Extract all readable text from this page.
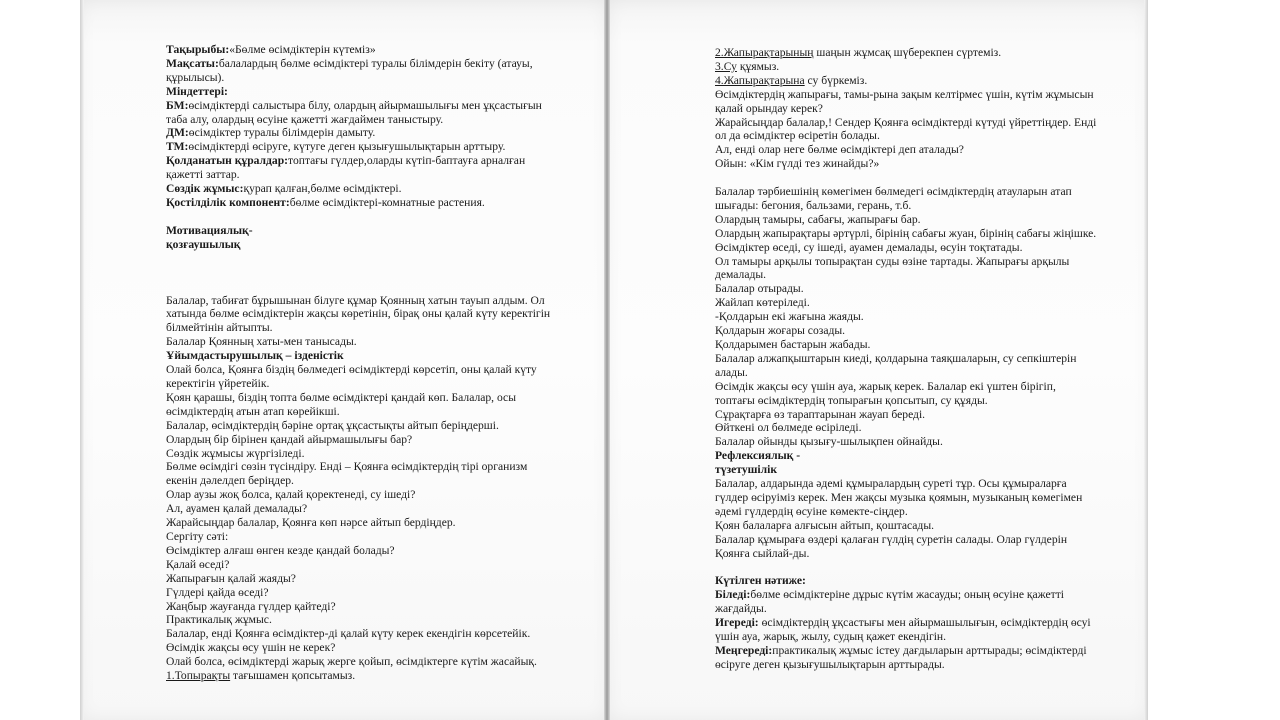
Тақырыбы:«Бөлме өсімдіктерін күтеміз»
Мақсаты:балалардың бөлме өсімдіктері туралы білімдерін бекіту (атауы,
құрылысы).
Міндеттері:
БМ:өсімдіктерді салыстыра білу, олардың айырмашылығы мен ұқсастығын
таба алу, олардың өсуіне қажетті жағдаймен таныстыру.
ДМ:өсімдіктер туралы білімдерін дамыту.
ТМ:өсімдіктерді өсіруге, күтуге деген қызығушылықтарын арттыру.
Қолданатын құралдар:топтағы гүлдер,оларды күтіп-баптауға арналған
қажетті заттар.
Сөздік жұмыс:қурап қалған,бөлме өсімдіктері.
Қостілділік компонент:бөлме өсімдіктері-комнатные растения.
Мотивациялық-
қозғаушылық
Балалар, табиғат бұрышынан білуге құмар Қоянның хатын тауып алдым. Ол
хатында бөлме өсімдіктерін жақсы көретінін, бірақ оны қалай күту керектігін
білмейтінін айтыпты.
Балалар Қоянның хаты-мен танысады.
Ұйымдастырушылық – ізденістік
Олай болса, Қоянға біздің бөлмедегі өсімдіктерді көрсетіп, оны қалай күту
керектігін үйретейік.
Қоян қарашы, біздің топта бөлме өсімдіктері қандай көп. Балалар, осы
өсімдіктердің атын атап көрейікші.
Балалар, өсімдіктердің бәріне ортақ ұқсастықты айтып беріңдерші.
Олардың бір бірінен қандай айырмашылығы бар?
Сөздік жұмысы жүргізіледі.
Бөлме өсімдігі сөзін түсіндіру. Енді – Қоянға өсімдіктердің тірі организм
екенін дәлелдеп беріңдер.
Олар аузы жоқ болса, қалай қоректенеді, су ішеді?
Ал, ауамен қалай демалады?
Жарайсыңдар балалар, Қоянға көп нәрсе айтып бердіңдер.
Сергіту сәті:
Өсімдіктер алғаш өнген кезде қандай болады?
Қалай өседі?
Жапырағын қалай жаяды?
Гүлдері қайда өседі?
Жаңбыр жауғанда гүлдер қайтеді?
Практикалық жұмыс.
Балалар, енді Қоянға өсімдіктер-ді қалай күту керек екендігін көрсетейік.
Өсімдік жақсы өсу үшін не керек?
Олай болса, өсімдіктерді жарық жерге қойып, өсімдіктерге күтім жасайық.
1.Топырақты тағышамен қопсытамыз.
2.Жапырақтарының шаңын жұмсақ шүберекпен сүртеміз.
3.Су құямыз.
4.Жапырақтарына су бүркеміз.
Өсімдіктердің жапырағы, тамы-рына зақым келтірмес үшін, күтім жұмысын
қалай орындау керек?
Жарайсыңдар балалар,! Сендер Қоянға өсімдіктерді күтуді үйреттіңдер. Енді
ол да өсімдіктер өсіретін болады.
Ал, енді олар неге бөлме өсімдіктері деп аталады?
Ойын: «Кім гүлді тез жинайды?»
Балалар тәрбиешінің көмегімен бөлмедегі өсімдіктердің атауларын атап
шығады: бегония, бальзами, герань, т.б.
Олардың тамыры, сабағы, жапырағы бар.
Олардың жапырақтары әртүрлі, бірінің сабағы жуан, бірінің сабағы жіңішке.
Өсімдіктер өседі, су ішеді, ауамен демалады, өсуін тоқтатады.
Ол тамыры арқылы топырақтан суды өзіне тартады. Жапырағы арқылы
демалады.
Балалар отырады.
Жайлап көтеріледі.
-Қолдарын екі жағына жаяды.
Қолдарын жоғары созады.
Қолдарымен бастарын жабады.
Балалар алжапқыштарын киеді, қолдарына таяқшаларын, су сепкіштерін
алады.
Өсімдік жақсы өсу үшін ауа, жарық керек. Балалар екі үштен бірігіп,
топтағы өсімдіктердің топырағын қопсытып, су құяды.
Сұрақтарға өз тараптарынан жауап береді.
Өйткені ол бөлмеде өсіріледі.
Балалар ойынды қызығу-шылықпен ойнайды.
Рефлексиялық -
түзетушілік
Балалар, алдарында әдемі құмыралардың суреті тұр. Осы құмыраларға
гүлдер өсіруіміз керек. Мен жақсы музыка қоямын, музыканың көмегімен
әдемі гүлдердің өсуіне көмекте-сіңдер.
Қоян балаларға алғысын айтып, қоштасады.
Балалар құмыраға өздері қалаған гүлдің суретін салады. Олар гүлдерін
Қоянға сыйлай-ды.
Күтілген нәтиже:
Біледі:бөлме өсімдіктеріне дұрыс күтім жасауды; оның өсуіне қажетті
жағдайды.
Игереді: өсімдіктердің ұқсастығы мен айырмашылығын, өсімдіктердің өсуі
үшін ауа, жарық, жылу, судың қажет екендігін.
Меңгереді:практикалық жұмыс істеу дағдыларын арттырады; өсімдіктерді
өсіруге деген қызығушылықтарын арттырады.
